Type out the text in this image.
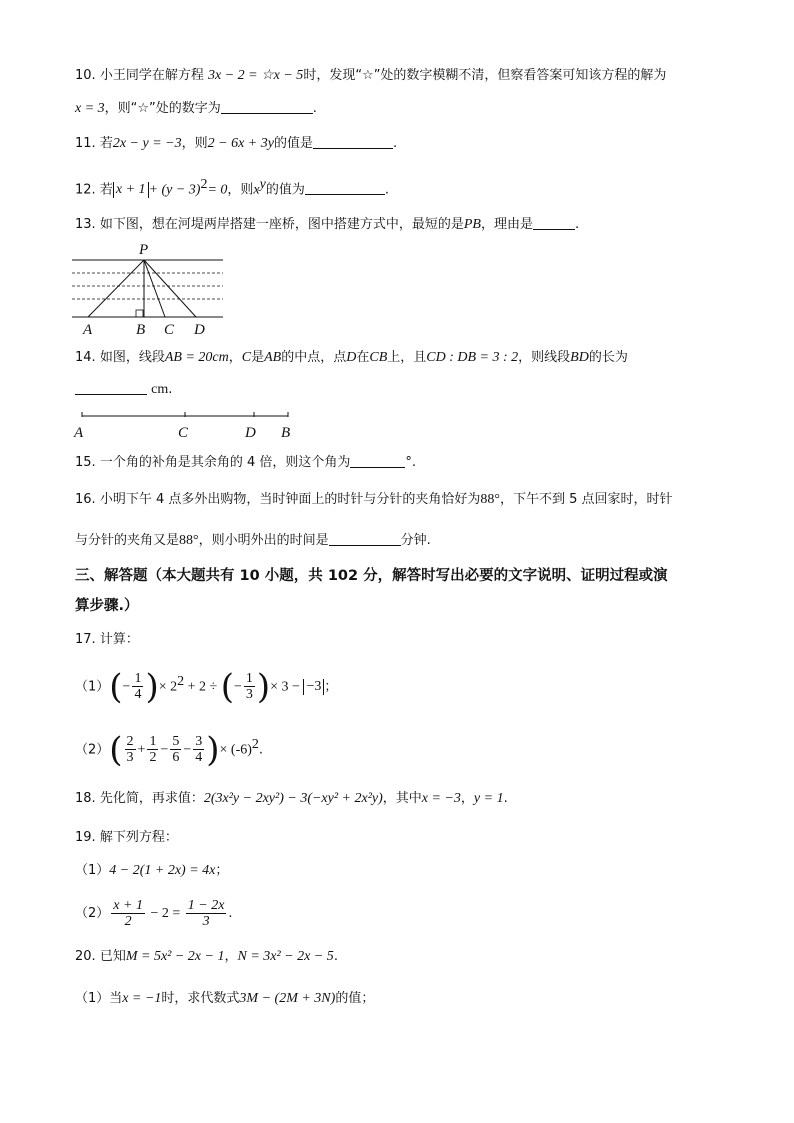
10. 小王同学在解方程 3x − 2 = ☆x − 5时，发现“☆”处的数字模糊不清，但察看答案可知该方程的解为
x = 3，则“☆”处的数字为	.
11. 若2x − y = −3，则2 − 6x + 3y的值是	.
12. 若 $x + 1 + (y - 3)^2= 0$，则$x^y$的值为	.
13. 如下图，想在河堤两岸搭建一座桥，图中搭建方式中，最短的是PB，理由是	.
P
A	B C D
14. 如图，线段AB = 20cm，C是AB的中点，点D在CB上，且CD : DB = 3 : 2，则线段BD的长为
cm.
A	C	D B
15. 一个角的补角是其余角的 4 倍，则这个角为	°.
16. 小明下午 4 点多外出购物，当时钟面上的时针与分针的夹角恰好为88°，下午不到 5 点回家时，时针
与分针的夹角又是88°，则小明外出的时间是	分钟.
三、解答题（本大题共有 10 小题，共 102 分，解答时写出必要的文字说明、证明过程或演
算步骤.）
17. 计算：
$(1)(- \frac{1}{4}$ )× $2^2 + 2$ ÷ (− $\frac{1}{3}$ )× 3 − −3 ；
$(2)( \frac{2}{3} + \frac{1}{2} - \frac{5}{6} - \frac{3}{4}$ )× $(-6)^2$.
18. 先化简，再求值：2(3x²y − 2xy²) − 3(−xy² + 2x²y)，其中x = −3，y = 1.
19. 解下列方程：
（1）4 − 2(1 + 2x) = 4x；
$(2) \frac{x + 1}{2} - 2 = \frac{1 - 2x}{3}$ .
20. 已知M = 5x² − 2x − 1，N = 3x² − 2x − 5.
（1）当x = −1时，求代数式3M − (2M + 3N)的值；
